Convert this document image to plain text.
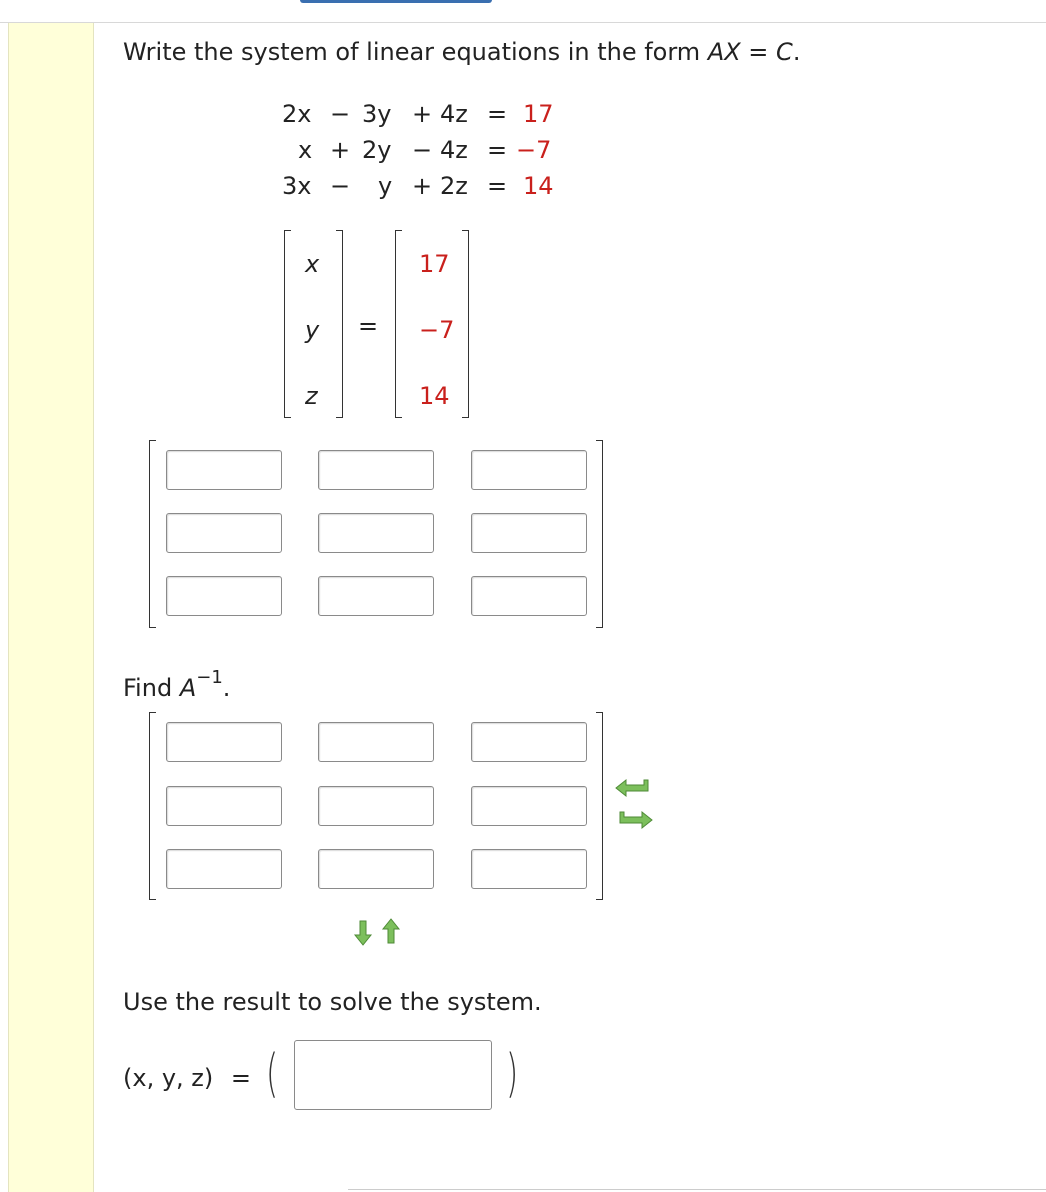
Write the system of linear equations in the form AX = C.
2x − 3y + 4z = 17
x + 2y − 4z = −7
3x − y + 2z = 14
x
y
z
=
17
−7
14
Find $A^{-1}$.
Use the result to solve the system.
(x, y, z) = (	)
